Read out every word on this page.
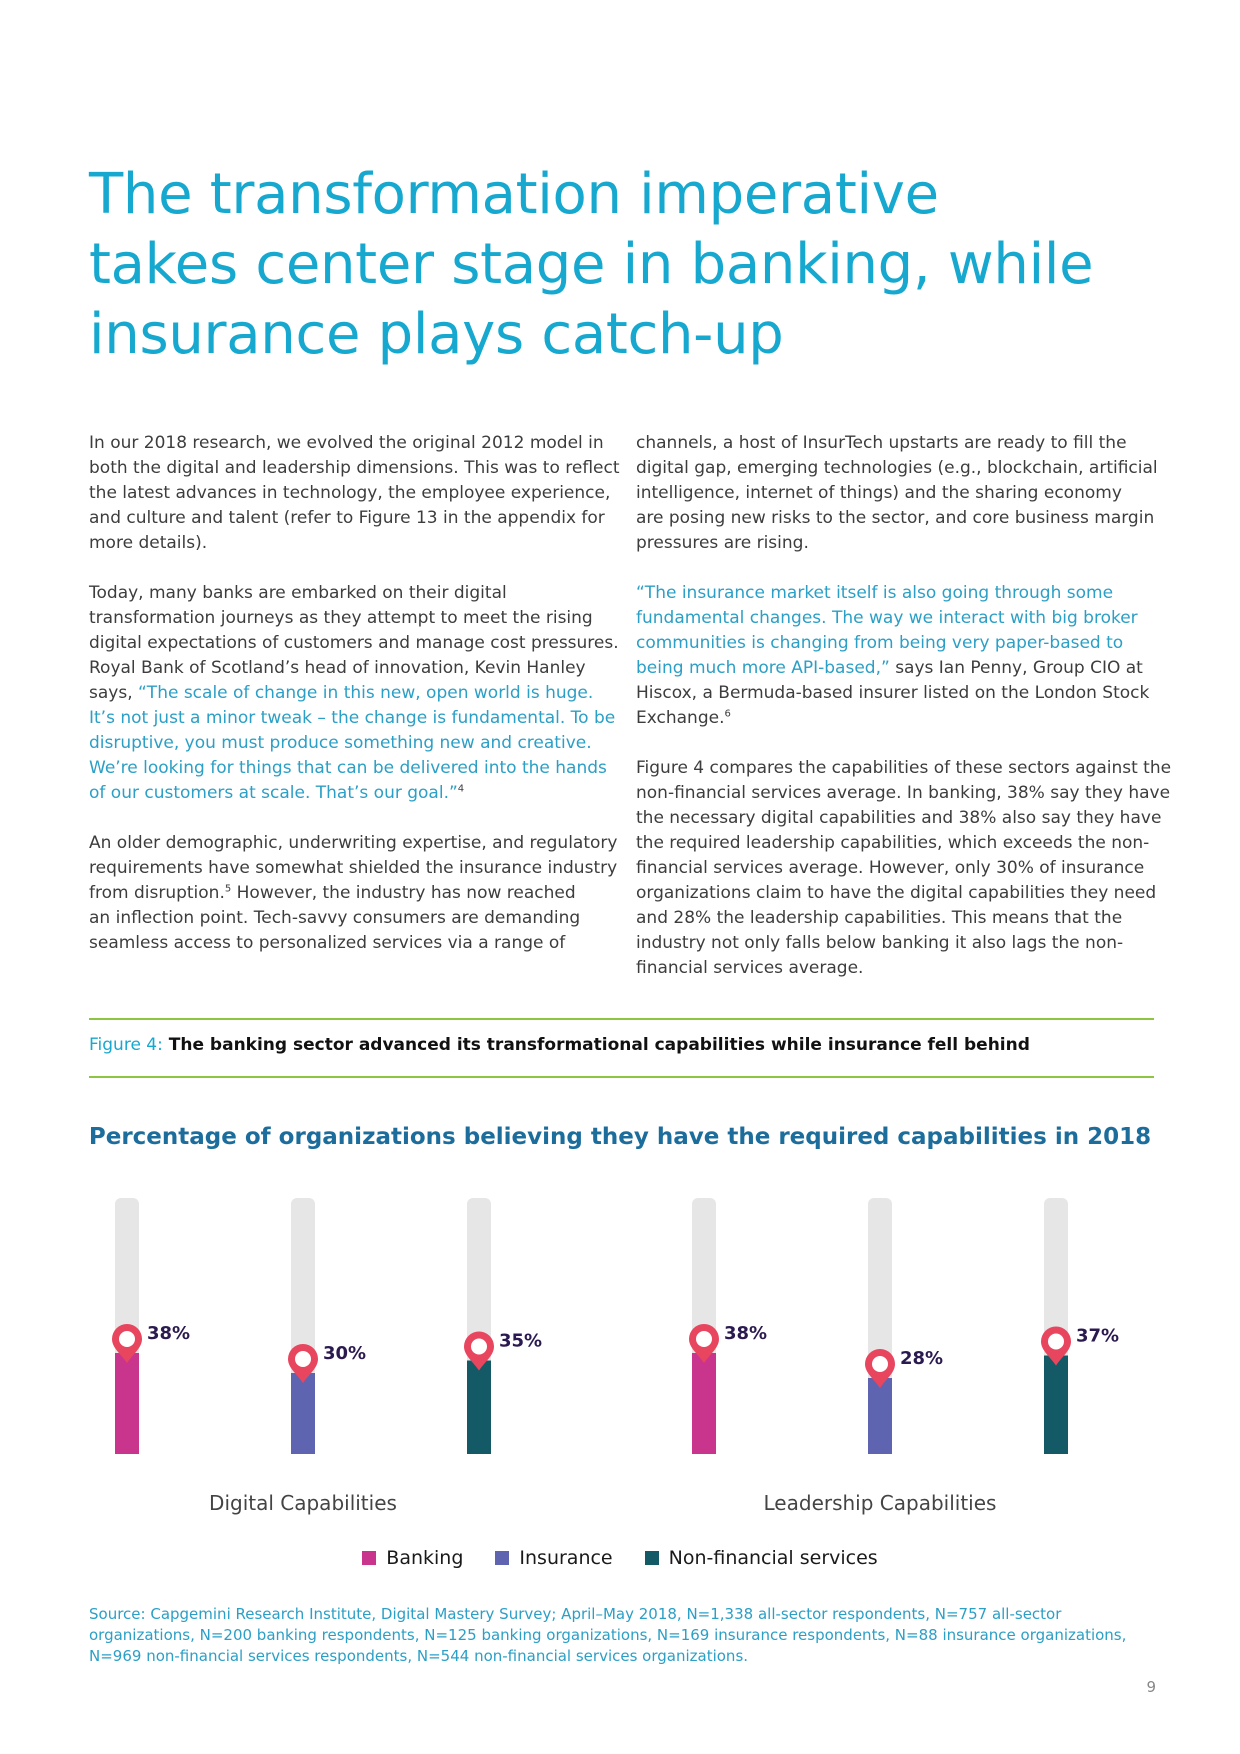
The transformation imperative
takes center stage in banking, while
insurance plays catch-up

In our 2018 research, we evolved the original 2012 model in
both the digital and leadership dimensions. This was to reflect
the latest advances in technology, the employee experience,
and culture and talent (refer to Figure 13 in the appendix for
more details).

Today, many banks are embarked on their digital
transformation journeys as they attempt to meet the rising
digital expectations of customers and manage cost pressures.
Royal Bank of Scotland’s head of innovation, Kevin Hanley
says, “The scale of change in this new, open world is huge.
It’s not just a minor tweak – the change is fundamental. To be
disruptive, you must produce something new and creative.
We’re looking for things that can be delivered into the hands
of our customers at scale. That’s our goal.”$^4$

An older demographic, underwriting expertise, and regulatory
requirements have somewhat shielded the insurance industry
from disruption.$^5$ However, the industry has now reached
an inflection point. Tech-savvy consumers are demanding
seamless access to personalized services via a range of

channels, a host of InsurTech upstarts are ready to fill the
digital gap, emerging technologies (e.g., blockchain, artificial
intelligence, internet of things) and the sharing economy
are posing new risks to the sector, and core business margin
pressures are rising.

“The insurance market itself is also going through some
fundamental changes. The way we interact with big broker
communities is changing from being very paper-based to
being much more API-based,” says Ian Penny, Group CIO at
Hiscox, a Bermuda-based insurer listed on the London Stock
Exchange.$^6$

Figure 4 compares the capabilities of these sectors against the
non-financial services average. In banking, 38% say they have
the necessary digital capabilities and 38% also say they have
the required leadership capabilities, which exceeds the non-
financial services average. However, only 30% of insurance
organizations claim to have the digital capabilities they need
and 28% the leadership capabilities. This means that the
industry not only falls below banking it also lags the non-
financial services average.

Figure 4: The banking sector advanced its transformational capabilities while insurance fell behind
Percentage of organizations believing they have the required capabilities in 2018
38%
30%
35%
Digital Capabilities
38%
28%
37%
Leadership Capabilities
Banking	Insurance	Non-financial services
Source: Capgemini Research Institute, Digital Mastery Survey; April–May 2018, N=1,338 all-sector respondents, N=757 all-sector
organizations, N=200 banking respondents, N=125 banking organizations, N=169 insurance respondents, N=88 insurance organizations,
N=969 non-financial services respondents, N=544 non-financial services organizations.
9
